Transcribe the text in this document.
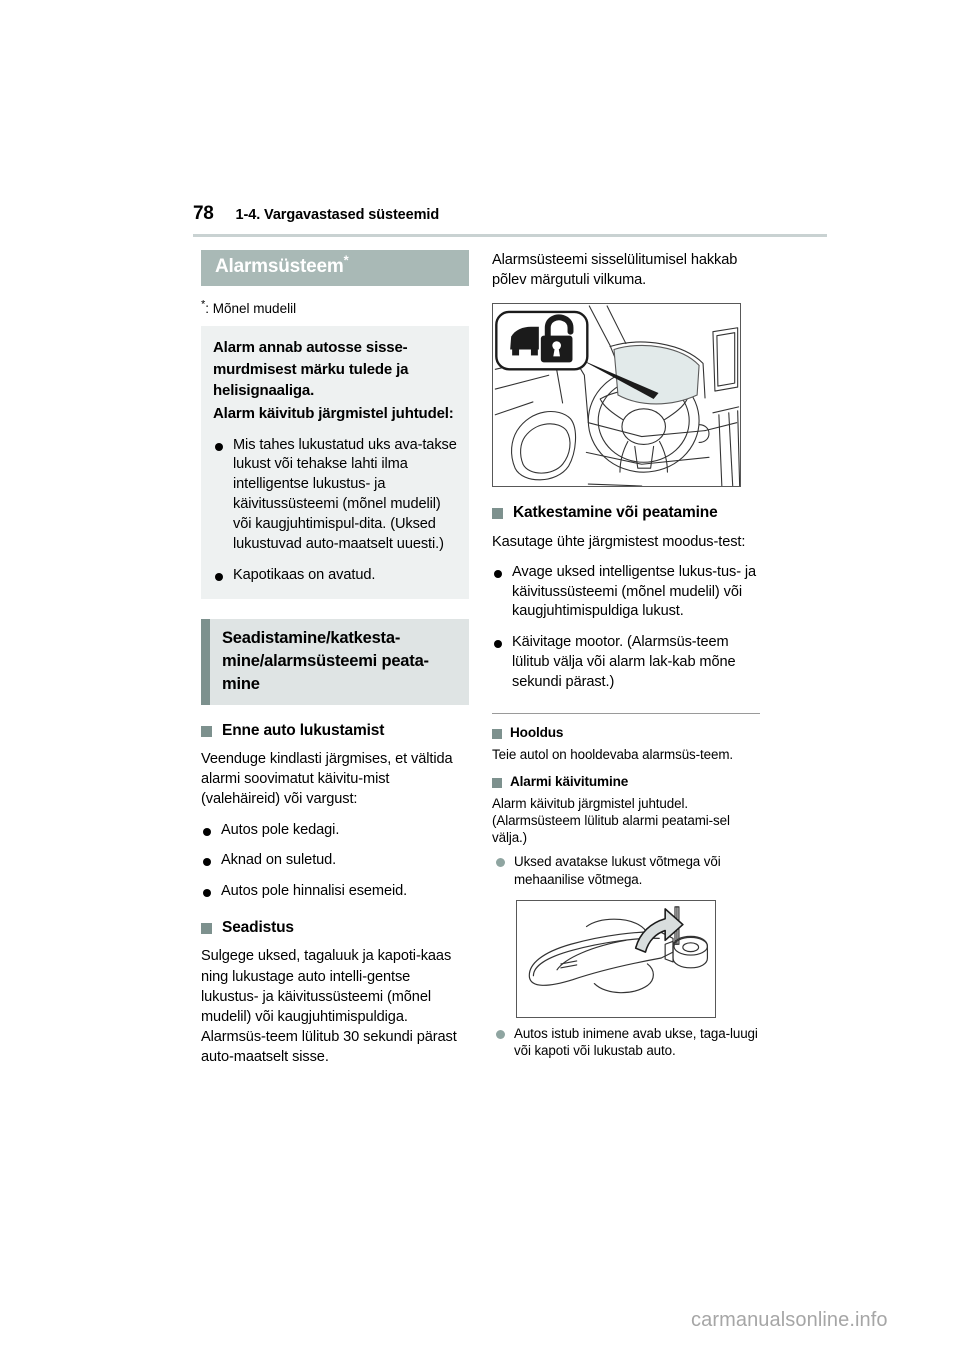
78 1-4. Vargavastased süsteemid
Alarmsüsteem*
*: Mõnel mudelil
Alarm annab autosse sisse-murdmisest märku tulede ja helisignaaliga.
Alarm käivitub järgmistel juhtudel:
Mis tahes lukustatud uks ava-takse lukust või tehakse lahti ilma intelligentse lukustus- ja käivitussüsteemi (mõnel mudelil) või kaugjuhtimispul-dita. (Uksed lukustuvad auto-maatselt uuesti.)
Kapotikaas on avatud.
Seadistamine/katkesta-mine/alarmsüsteemi peata-mine
Enne auto lukustamist

Veenduge kindlasti järgmises, et vältida alarmi soovimatut käivitu-mist (valehäireid) või vargust:

Autos pole kedagi.
Aknad on suletud.
Autos pole hinnalisi esemeid.
Seadistus

Sulgege uksed, tagaluuk ja kapoti-kaas ning lukustage auto intelli-gentse lukustus- ja käivitussüsteemi (mõnel mudelil) või kaugjuhtimispuldiga. Alarmsüs-teem lülitub 30 sekundi pärast auto-maatselt sisse.

Alarmsüsteemi sisselülitumisel hakkab põlev märgutuli vilkuma.

Katkestamine või peatamine

Kasutage ühte järgmistest moodus-test:

Avage uksed intelligentse lukus-tus- ja käivitussüsteemi (mõnel mudelil) või kaugjuhtimispuldiga lukust.
Käivitage mootor. (Alarmsüs-teem lülitub välja või alarm lak-kab mõne sekundi pärast.)
Hooldus

Teie autol on hooldevaba alarmsüs-teem.

Alarmi käivitumine

Alarm käivitub järgmistel juhtudel. (Alarmsüsteem lülitub alarmi peatami-sel välja.)

Uksed avatakse lukust võtmega või mehaanilise võtmega.
Autos istub inimene avab ukse, taga-luugi või kapoti või lukustab auto.
carmanualsonline.info
